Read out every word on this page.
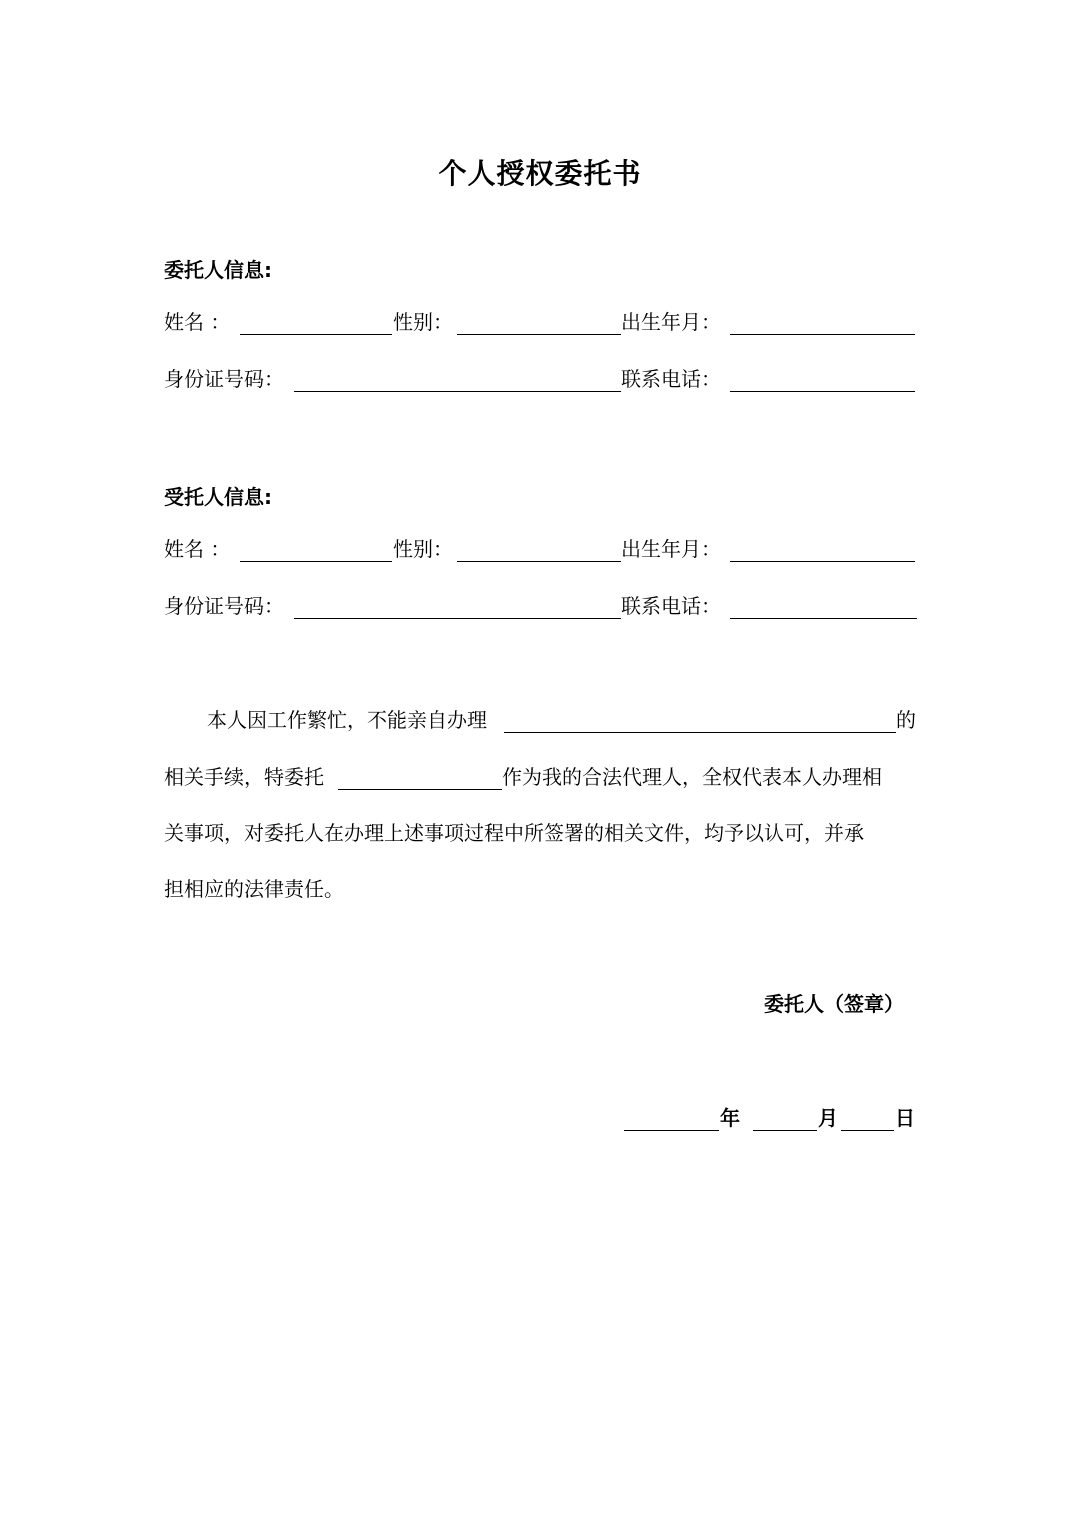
个人授权委托书
委托人信息:
姓名 ：	性别：	出生年月：
身份证号码：	联系电话：
受托人信息:
姓名 ：	性别：	出生年月：
身份证号码：	联系电话：
本人因工作繁忙，不能亲自办理	的
相关手续，特委托	作为我的合法代理人，全权代表本人办理相
关事项，对委托人在办理上述事项过程中所签署的相关文件，均予以认可，并承
担相应的法律责任。
委托人（签章）
年	月	日
